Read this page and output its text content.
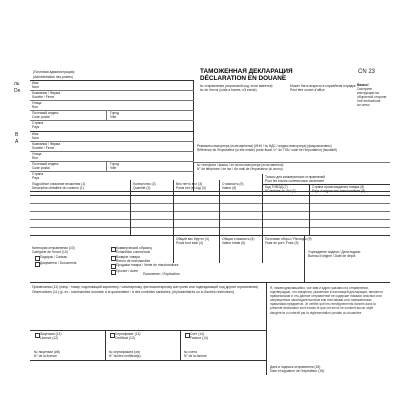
ль
De
В
А
(Почтовая администрация)
(Administration des postes)
ТАМОЖЕННАЯ ДЕКЛАРАЦИЯ
DÉCLARATION EN DOUANE
CN 23
№ отправления (штриховой код, если имеется)
№ de l'envoi (code à barres, s'il existe)
Может быть вскрыто в служебном порядке
Peut être ouvert d'office
Важно!
Смотрите
инструкции на
оборотной стороне
Voir instructions
au verso
Имя
Nom
Компания / Фирма
Société / Firme
Улица
Rue
Почтовый индекс
Code postal
Город
Ville
Страна
Pays
Имя
Nom
Компания / Фирма
Société / Firme
Улица
Rue
Почтовый индекс
Code postal
Город
Ville
Страна
Pays
Реквизиты импортера (если имеются) (ИНН / № НДС / индекс импортера) (факультативно)
Référence de l'importateur (si elle existe) (code fiscal / n° de TVA / code de l'importateur) (facultatif)
№ телефона / факса / эл почты импортера (если имеется)
N° de téléphone / de fax / d'e-mail de l'importateur (si connu)
Подробное описание вложения (1)
Description détaillée du contenu (1)
Количество (2)
Quantité (2)
Вес нетто в кг (3)
Poids net (en kg) (3)
Стоимость (5)
Valeur (5)
Только для коммерческих отправлений
Pour les envois commerciaux seulement
Код ТНВЭД (7)
N° tarifaire du SH (7)
Страна происхождения товара (8)
Pays d'origine des marchandises (8)
Общий вес брутто (4)
Poids brut total (4)
Общая стоимость (6)
Valeur totale (6)
Почтовые сборы / Расходы (9)
Frais de port / Frais (9)
Категория отправления (10)
Catégorie de l'envoi (10)
Подарок / Cadeau
Документы / Documents
Коммерческий образец
Échantillon commercial
Возврат товара
Retour de marchandise
Продажа товара / Vente de marchandises
Прочее / Autre
Пояснение: / Explication:
Учреждение подачи / Дата подачи
Bureau d'origine / Date de dépôt
Примечания (11) (напр.: товар, подлежащий карантину / санитарному, фитосанитарному контролю или подпадающий под другие ограничения)
Observations (11) (p. ex.: marchandise soumise à la quarantaine / à des contrôles sanitaires, phytosanitaires ou à d'autres restrictions)
Я, нижеподписавшийся, чье имя и адрес указаны на отправлении, подтверждаю, что сведения, указанные в настоящей декларации, являются правильными и что данное отправление не содержит никаких опасных или запрещенных законодательством или почтовыми или таможенными правилами предметов. Je certifie que les renseignements donnés dans la présente déclaration sont exacts et que cet envoi ne contient aucun objet dangereux ou interdit par la réglementation postale ou douanière
Дата и подпись отправителя (15)
Date et signature de l'expéditeur (15)
Лицензия (12)
Licence (12)
№ лицензии (ий)
N° de la licence
Сертификат (13)
Certificat (13)
№ сертификата (ов)
N° du/des certificat(s)
Счет (14)
Facture (14)
№ счета
N° de la facture
